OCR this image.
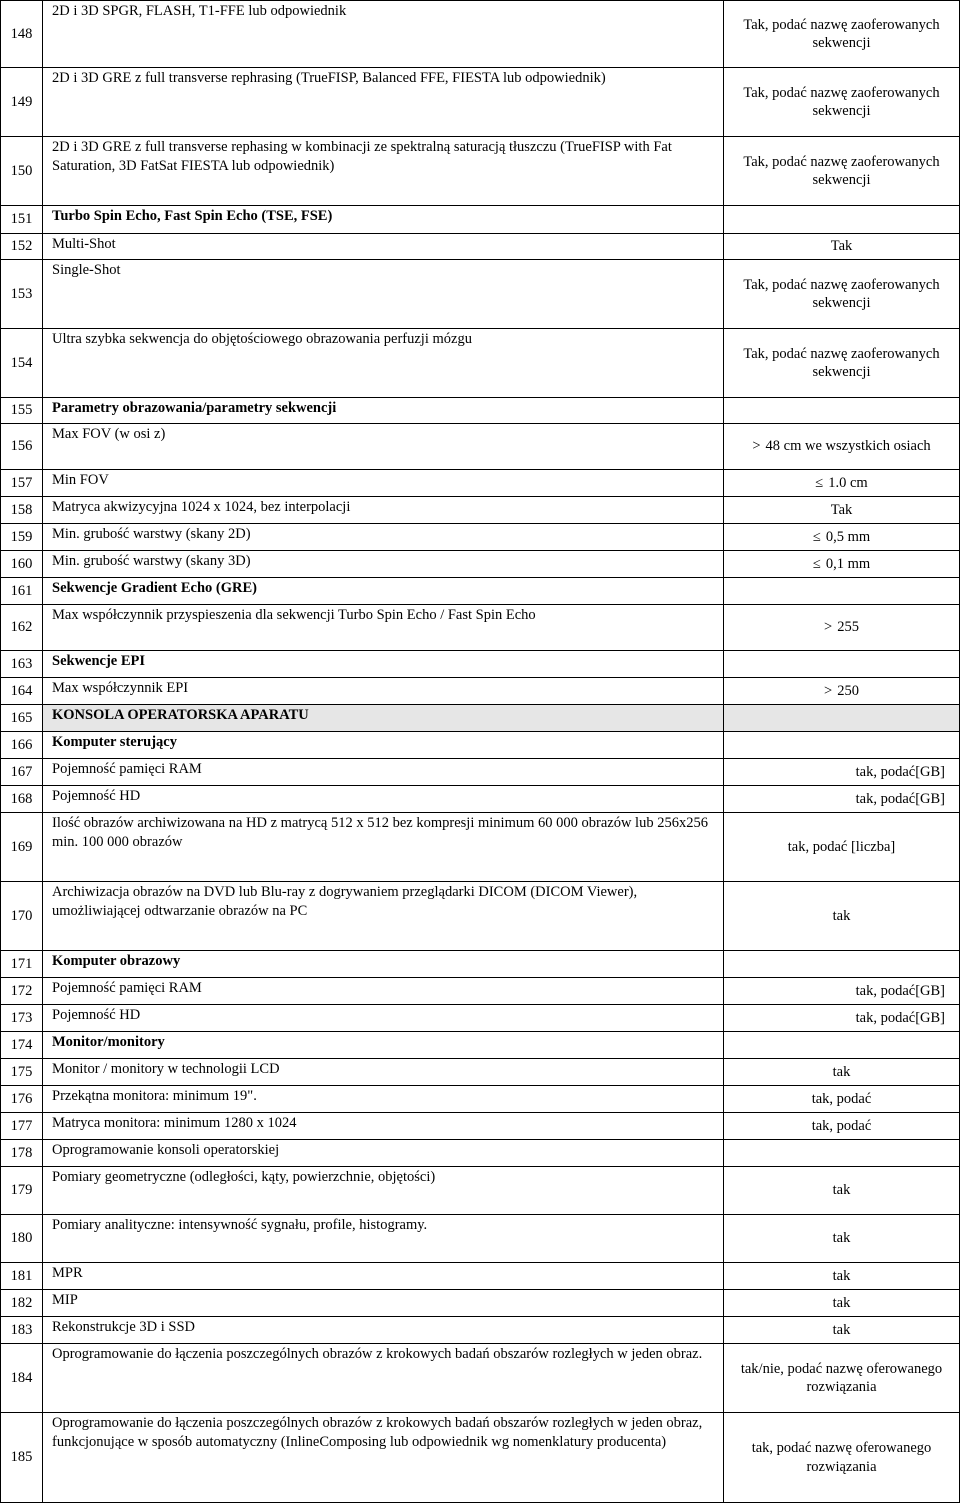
148	2D i 3D SPGR, FLASH, T1-FFE lub odpowiednik	Tak, podać nazwę zaoferowanych sekwencji
149	2D i 3D GRE z full transverse rephrasing (TrueFISP, Balanced FFE, FIESTA lub odpowiednik)	Tak, podać nazwę zaoferowanych sekwencji
150	2D i 3D GRE z full transverse rephasing w kombinacji ze spektralną saturacją tłuszczu (TrueFISP with Fat Saturation, 3D FatSat FIESTA lub odpowiednik)	Tak, podać nazwę zaoferowanych sekwencji
151	Turbo Spin Echo, Fast Spin Echo (TSE, FSE)	
152	Multi-Shot	Tak
153	Single-Shot	Tak, podać nazwę zaoferowanych sekwencji
154	Ultra szybka sekwencja do objętościowego obrazowania perfuzji mózgu	Tak, podać nazwę zaoferowanych sekwencji
155	Parametry obrazowania/parametry sekwencji	
156	Max FOV (w osi z)	> 48 cm we wszystkich osiach
157	Min FOV	≤ 1.0 cm
158	Matryca akwizycyjna 1024 x 1024, bez interpolacji	Tak
159	Min. grubość warstwy (skany 2D)	≤ 0,5 mm
160	Min. grubość warstwy (skany 3D)	≤ 0,1 mm
161	Sekwencje Gradient Echo (GRE)	
162	Max współczynnik przyspieszenia dla sekwencji Turbo Spin Echo / Fast Spin Echo	> 255
163	Sekwencje EPI	
164	Max współczynnik EPI	> 250
165	KONSOLA OPERATORSKA APARATU	
166	Komputer sterujący	
167	Pojemność pamięci RAM	tak, podać[GB]
168	Pojemność HD	tak, podać[GB]
169	Ilość obrazów archiwizowana na HD z matrycą 512 x 512 bez kompresji minimum 60 000 obrazów lub 256x256 min. 100 000 obrazów	tak, podać [liczba]
170	Archiwizacja obrazów na DVD lub Blu-ray z dogrywaniem przeglądarki DICOM (DICOM Viewer), umożliwiającej odtwarzanie obrazów na PC	tak
171	Komputer obrazowy	
172	Pojemność pamięci RAM	tak, podać[GB]
173	Pojemność HD	tak, podać[GB]
174	Monitor/monitory	
175	Monitor / monitory w technologii LCD	tak
176	Przekątna monitora: minimum 19".	tak, podać
177	Matryca monitora: minimum 1280 x 1024	tak, podać
178	Oprogramowanie konsoli operatorskiej	
179	Pomiary geometryczne (odległości, kąty, powierzchnie, objętości)	tak
180	Pomiary analityczne: intensywność sygnału, profile, histogramy.	tak
181	MPR	tak
182	MIP	tak
183	Rekonstrukcje 3D i SSD	tak
184	Oprogramowanie do łączenia poszczególnych obrazów z krokowych badań obszarów rozległych w jeden obraz.	tak/nie, podać nazwę oferowanego rozwiązania
185	Oprogramowanie do łączenia poszczególnych obrazów z krokowych badań obszarów rozległych w jeden obraz, funkcjonujące w sposób automatyczny (InlineComposing lub odpowiednik wg nomenklatury producenta)	tak, podać nazwę oferowanego rozwiązania
